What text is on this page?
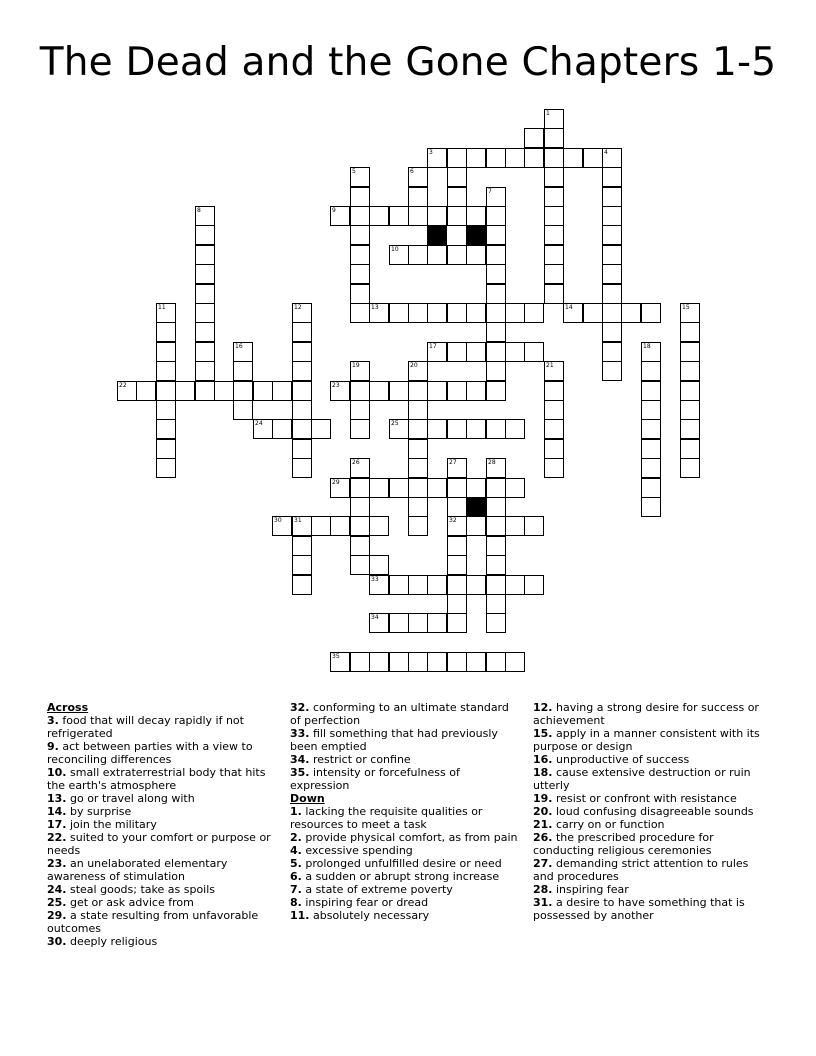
The Dead and the Gone Chapters 1-5
1
3	4
5	6
7
8	9
10
11	12	13	14	15
16	17	18
19	20	21
22	23
24	25
26	27	28
29
30 31	32
33
34
35
Across
3. food that will decay rapidly if not refrigerated
9. act between parties with a view to reconciling differences
10. small extraterrestrial body that hits the earth's atmosphere
13. go or travel along with
14. by surprise
17. join the military
22. suited to your comfort or purpose or needs
23. an unelaborated elementary awareness of stimulation
24. steal goods; take as spoils
25. get or ask advice from
29. a state resulting from unfavorable outcomes
30. deeply religious
32. conforming to an ultimate standard of perfection
33. fill something that had previously been emptied
34. restrict or confine
35. intensity or forcefulness of expression
Down
1. lacking the requisite qualities or resources to meet a task
2. provide physical comfort, as from pain
4. excessive spending
5. prolonged unfulfilled desire or need
6. a sudden or abrupt strong increase
7. a state of extreme poverty
8. inspiring fear or dread
11. absolutely necessary
12. having a strong desire for success or achievement
15. apply in a manner consistent with its purpose or design
16. unproductive of success
18. cause extensive destruction or ruin utterly
19. resist or confront with resistance
20. loud confusing disagreeable sounds
21. carry on or function
26. the prescribed procedure for conducting religious ceremonies
27. demanding strict attention to rules and procedures
28. inspiring fear
31. a desire to have something that is possessed by another
